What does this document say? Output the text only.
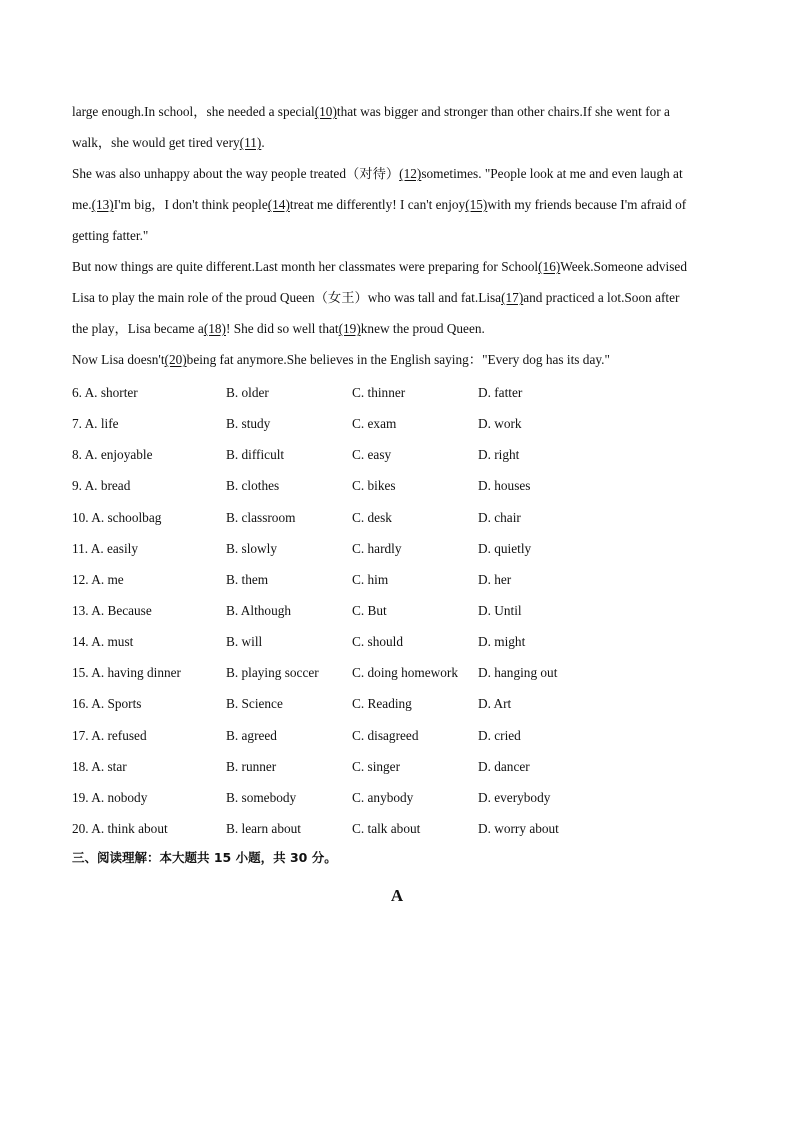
large enough.In school，she needed a special(10)that was bigger and stronger than other chairs.If she went for a
walk，she would get tired very(11).
She was also unhappy about the way people treated（对待）(12)sometimes. "People look at me and even laugh at
me.(13)I'm big，I don't think people(14)treat me differently! I can't enjoy(15)with my friends because I'm afraid of
getting fatter."
But now things are quite different.Last month her classmates were preparing for School(16)Week.Someone advised
Lisa to play the main role of the proud Queen（女王）who was tall and fat.Lisa(17)and practiced a lot.Soon after
the play，Lisa became a(18)! She did so well that(19)knew the proud Queen.
Now Lisa doesn't(20)being fat anymore.She believes in the English saying："Every dog has its day."
6. A. shorter	B. older	C. thinner	D. fatter
7. A. life	B. study	C. exam	D. work
8. A. enjoyable	B. difficult	C. easy	D. right
9. A. bread	B. clothes	C. bikes	D. houses
10. A. schoolbag	B. classroom	C. desk	D. chair
11. A. easily	B. slowly	C. hardly	D. quietly
12. A. me	B. them	C. him	D. her
13. A. Because	B. Although	C. But	D. Until
14. A. must	B. will	C. should	D. might
15. A. having dinner	B. playing soccer	C. doing homework D. hanging out
16. A. Sports	B. Science	C. Reading	D. Art
17. A. refused	B. agreed	C. disagreed	D. cried
18. A. star	B. runner	C. singer	D. dancer
19. A. nobody	B. somebody	C. anybody	D. everybody
20. A. think about	B. learn about	C. talk about	D. worry about
三、阅读理解：本大题共 15 小题，共 30 分。
A
